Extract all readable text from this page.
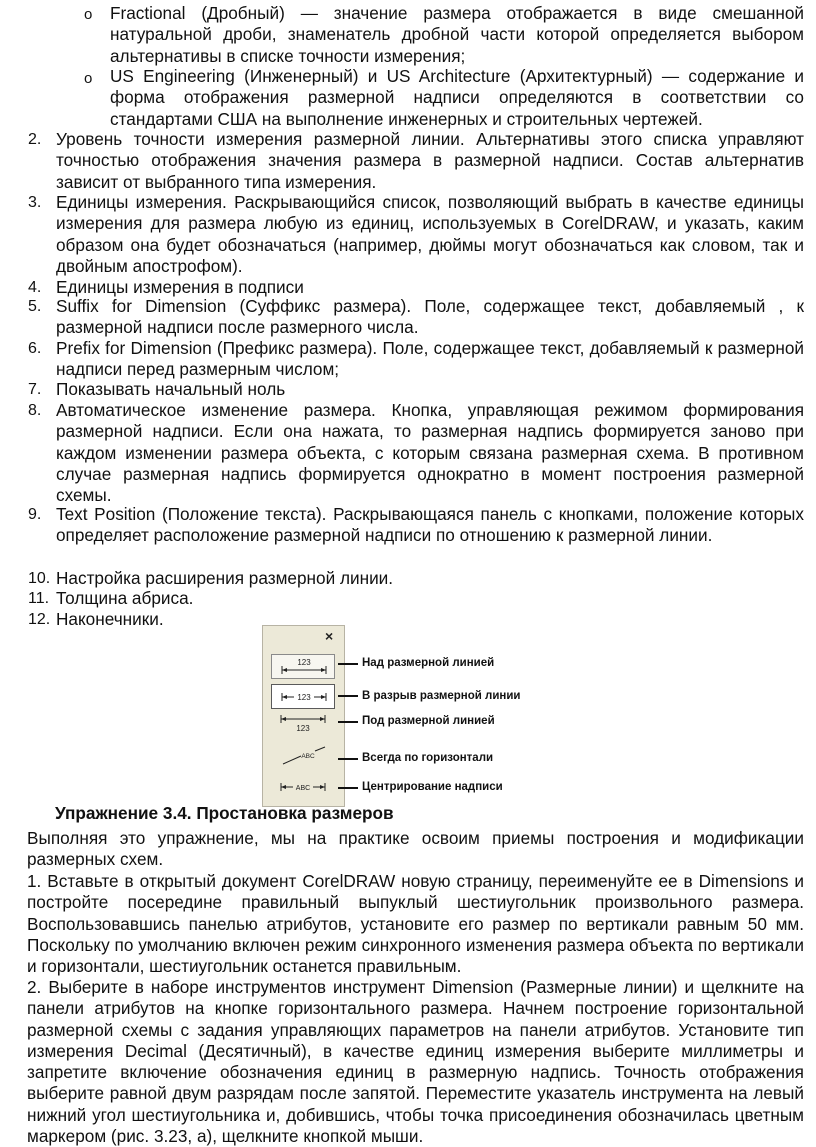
o Fractional (Дробный) — значение размера отображается в виде смешанной натуральной дроби, знаменатель дробной части которой определяется выбором альтернативы в списке точности измерения;

o US Engineering (Инженерный) и US Architecture (Архитектурный) — содержание и форма отображения размерной надписи определяются в соответствии со стандартами США на выполнение инженерных и строительных чертежей.

2. Уровень точности измерения размерной линии. Альтернативы этого списка управляют точностью отображения значения размера в размерной надписи. Состав альтернатив зависит от выбранного типа измерения.

3. Единицы измерения. Раскрывающийся список, позволяющий выбрать в качестве единицы измерения для размера любую из единиц, используемых в CorelDRAW, и указать, каким образом она будет обозначаться (например, дюймы могут обозначаться как словом, так и двойным апострофом).

4. Единицы измерения в подписи

5. Suffix for Dimension (Суффикс размера). Поле, содержащее текст, добавляемый , к размерной надписи после размерного числа.

6. Prefix for Dimension (Префикс размера). Поле, содержащее текст, добавляемый к размерной надписи перед размерным числом;

7. Показывать начальный ноль

8. Автоматическое изменение размера. Кнопка, управляющая режимом формирования размерной надписи. Если она нажата, то размерная надпись формируется заново при каждом изменении размера объекта, с которым связана размерная схема. В противном случае размерная надпись формируется однократно в момент построения размерной схемы.

9. Text Position (Положение текста). Раскрывающаяся панель с кнопками, положение которых определяет расположение размерной надписи по отношению к размерной линии.

10. Настройка расширения размерной линии.

11. Толщина абриса.

12. Наконечники.

×
123
123
123
ABC
ABC
Над размерной линией
В разрыв размерной линии
Под размерной линией
Всегда по горизонтали
Центрирование надписи
Упражнение 3.4. Простановка размеров

Выполняя это упражнение, мы на практике освоим приемы построения и модификации размерных схем.

1. Вставьте в открытый документ CorelDRAW новую страницу, переименуйте ее в Dimensions и постройте посередине правильный выпуклый шестиугольник произвольного размера. Воспользовавшись панелью атрибутов, установите его размер по вертикали равным 50 мм. Поскольку по умолчанию включен режим синхронного изменения размера объекта по вертикали и горизонтали, шестиугольник останется правильным.

2. Выберите в наборе инструментов инструмент Dimension (Размерные линии) и щелкните на панели атрибутов на кнопке горизонтального размера. Начнем построение горизонтальной размерной схемы с задания управляющих параметров на панели атрибутов. Установите тип измерения Decimal (Десятичный), в качестве единиц измерения выберите миллиметры и запретите включение обозначения единиц в размерную надпись. Точность отображения выберите равной двум разрядам после запятой. Переместите указатель инструмента на левый нижний угол шестиугольника и, добившись, чтобы точка присоединения обозначилась цветным маркером (рис. 3.23, а), щелкните кнопкой мыши.
